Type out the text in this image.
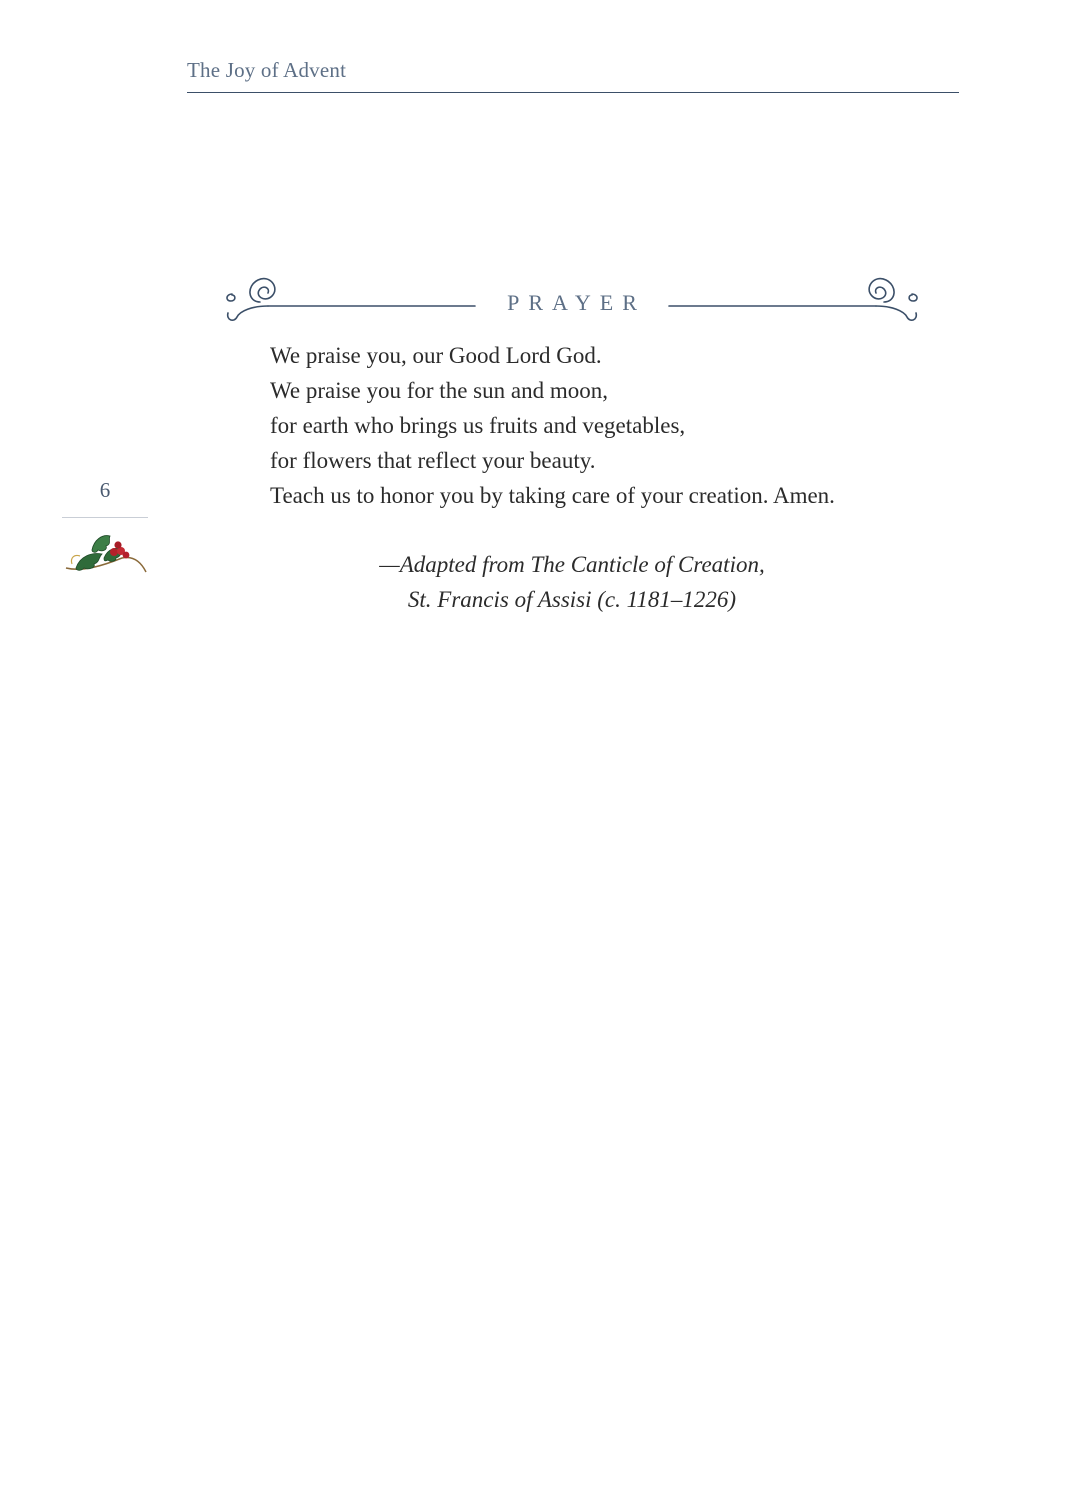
The Joy of Advent
PRAYER
We praise you, our Good Lord God.
We praise you for the sun and moon,
for earth who brings us fruits and vegetables,
for flowers that reflect your beauty.
Teach us to honor you by taking care of your creation. Amen.
—Adapted from The Canticle of Creation,
St. Francis of Assisi (c. 1181–1226)
6
